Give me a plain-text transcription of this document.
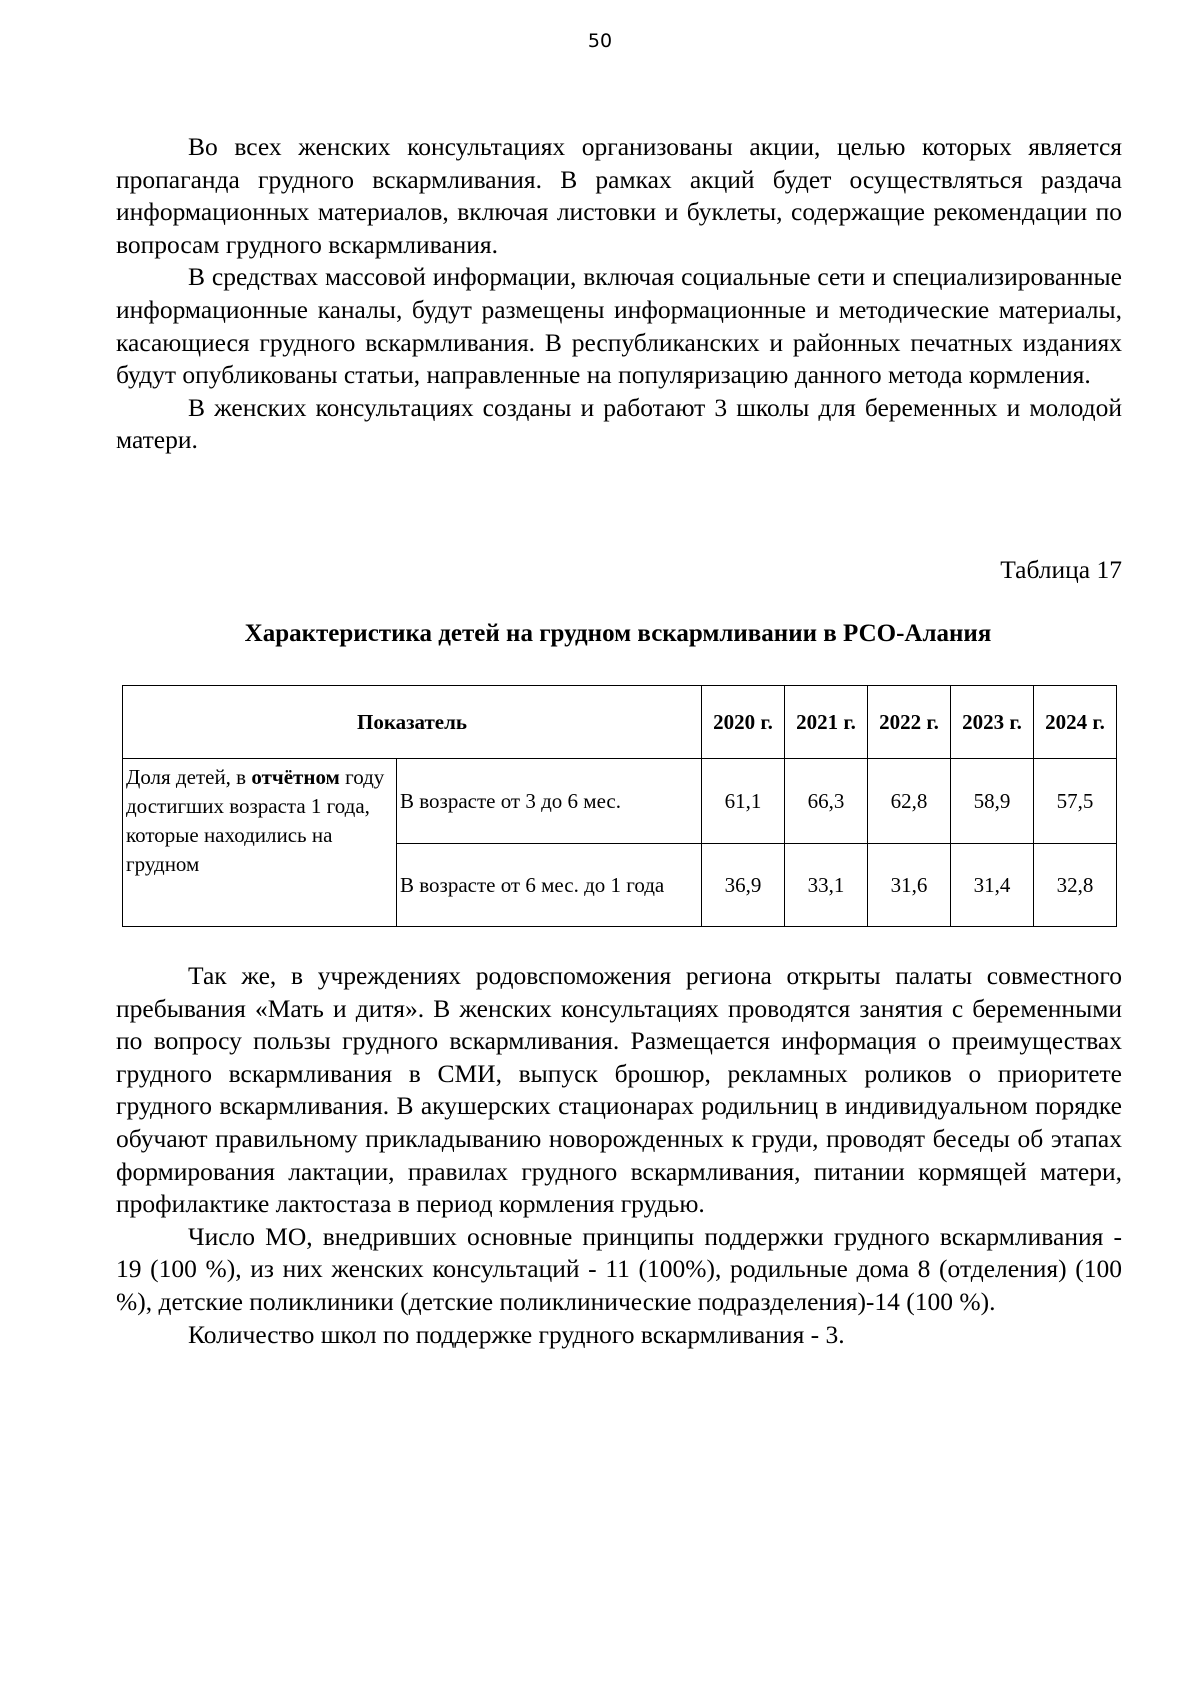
50

Во всех женских консультациях организованы акции, целью которых является пропаганда грудного вскармливания. В рамках акций будет осуществляться раздача информационных материалов, включая листовки и буклеты, содержащие рекомендации по вопросам грудного вскармливания.

В средствах массовой информации, включая социальные сети и специализированные информационные каналы, будут размещены информационные и методические материалы, касающиеся грудного вскармливания. В республиканских и районных печатных изданиях будут опубликованы статьи, направленные на популяризацию данного метода кормления.

В женских консультациях созданы и работают 3 школы для беременных и молодой матери.

Таблица 17
Характеристика детей на грудном вскармливании в РСО-Алания
Показатель		2020 г.	2021 г.	2022 г.	2023 г.	2024 г.
Доля детей, в отчётном году достигших возраста 1 года, которые находились на грудном	В возрасте от 3 до 6 мес.	61,1	66,3	62,8	58,9	57,5
	В возрасте от 6 мес. до 1 года	36,9	33,1	31,6	31,4	32,8

Так же, в учреждениях родовспоможения региона открыты палаты совместного пребывания «Мать и дитя». В женских консультациях проводятся занятия с беременными по вопросу пользы грудного вскармливания. Размещается информация о преимуществах грудного вскармливания в СМИ, выпуск брошюр, рекламных роликов о приоритете грудного вскармливания. В акушерских стационарах родильниц в индивидуальном порядке обучают правильному прикладыванию новорожденных к груди, проводят беседы об этапах формирования лактации, правилах грудного вскармливания, питании кормящей матери, профилактике лактостаза в период кормления грудью.

Число МО, внедривших основные принципы поддержки грудного вскармливания - 19 (100 %), из них женских консультаций - 11 (100%), родильные дома 8 (отделения) (100 %), детские поликлиники (детские поликлинические подразделения)-14 (100 %).

Количество школ по поддержке грудного вскармливания - 3.
